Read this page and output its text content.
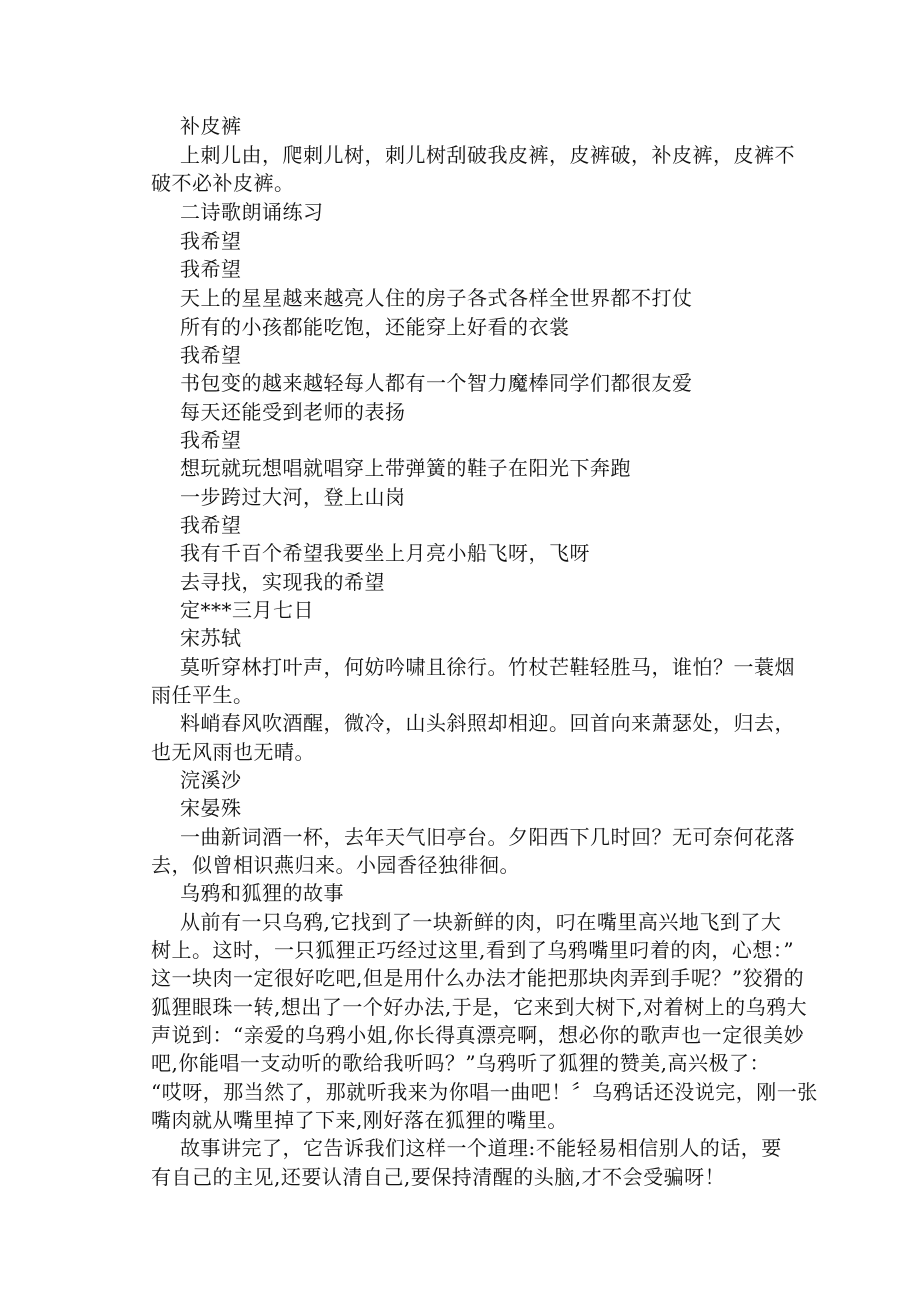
补皮裤
上刺儿由，爬刺儿树，刺儿树刮破我皮裤，皮裤破，补皮裤，皮裤不
破不必补皮裤。
二诗歌朗诵练习
我希望
我希望
天上的星星越来越亮人住的房子各式各样全世界都不打仗
所有的小孩都能吃饱，还能穿上好看的衣裳
我希望
书包变的越来越轻每人都有一个智力魔棒同学们都很友爱
每天还能受到老师的表扬
我希望
想玩就玩想唱就唱穿上带弹簧的鞋子在阳光下奔跑
一步跨过大河，登上山岗
我希望
我有千百个希望我要坐上月亮小船飞呀，飞呀
去寻找，实现我的希望
定***三月七日
宋苏轼
莫听穿林打叶声，何妨吟啸且徐行。竹杖芒鞋轻胜马，谁怕？一蓑烟
雨任平生。
料峭春风吹酒醒，微冷，山头斜照却相迎。回首向来萧瑟处，归去，
也无风雨也无晴。
浣溪沙
宋晏殊
一曲新词酒一杯，去年天气旧亭台。夕阳西下几时回？无可奈何花落
去，似曾相识燕归来。小园香径独徘徊。
乌鸦和狐狸的故事
从前有一只乌鸦,它找到了一块新鲜的肉，叼在嘴里高兴地飞到了大
树上。这时，一只狐狸正巧经过这里,看到了乌鸦嘴里叼着的肉，心想：”
这一块肉一定很好吃吧,但是用什么办法才能把那块肉弄到手呢？”狡猾的
狐狸眼珠一转,想出了一个好办法,于是，它来到大树下,对着树上的乌鸦大
声说到：“亲爱的乌鸦小姐,你长得真漂亮啊，想必你的歌声也一定很美妙
吧,你能唱一支动听的歌给我听吗？”乌鸦听了狐狸的赞美,高兴极了：
“哎呀，那当然了，那就听我来为你唱一曲吧！〞乌鸦话还没说完，刚一张
嘴肉就从嘴里掉了下来,刚好落在狐狸的嘴里。
故事讲完了，它告诉我们这样一个道理:不能轻易相信别人的话，要
有自己的主见,还要认清自己,要保持清醒的头脑,才不会受骗呀！
